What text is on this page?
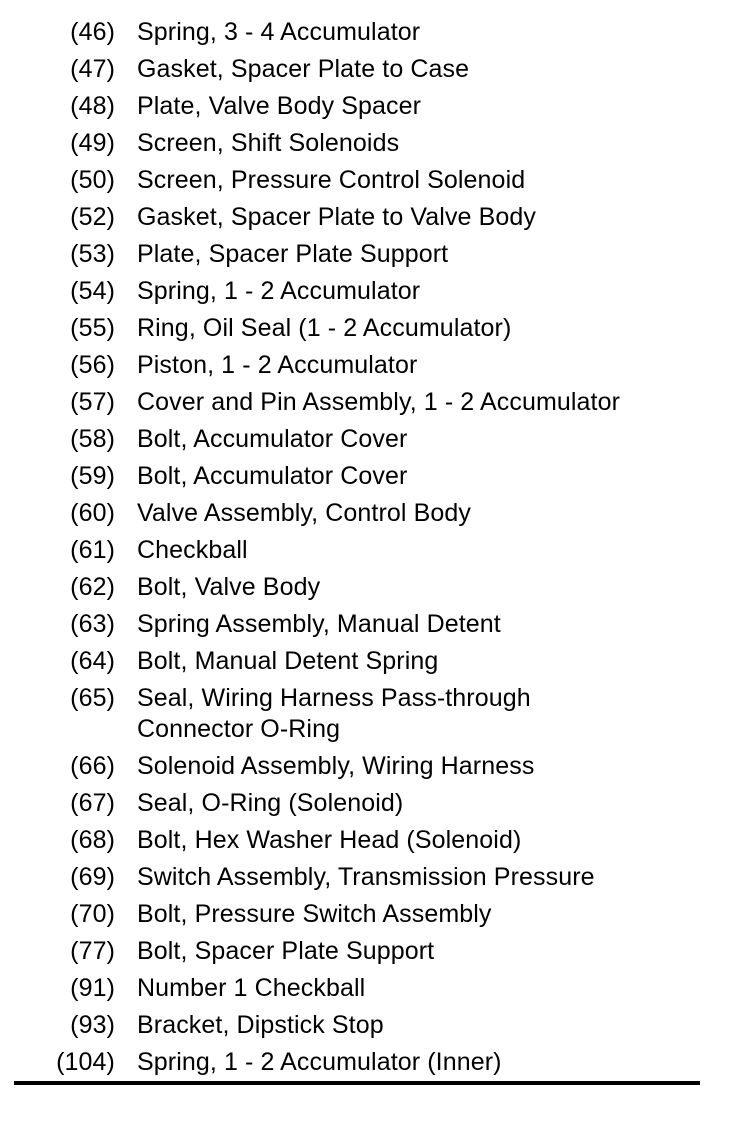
(46) Spring, 3 - 4 Accumulator
(47) Gasket, Spacer Plate to Case
(48) Plate, Valve Body Spacer
(49) Screen, Shift Solenoids
(50) Screen, Pressure Control Solenoid
(52) Gasket, Spacer Plate to Valve Body
(53) Plate, Spacer Plate Support
(54) Spring, 1 - 2 Accumulator
(55) Ring, Oil Seal (1 - 2 Accumulator)
(56) Piston, 1 - 2 Accumulator
(57) Cover and Pin Assembly, 1 - 2 Accumulator
(58) Bolt, Accumulator Cover
(59) Bolt, Accumulator Cover
(60) Valve Assembly, Control Body
(61) Checkball
(62) Bolt, Valve Body
(63) Spring Assembly, Manual Detent
(64) Bolt, Manual Detent Spring
(65) Seal, Wiring Harness Pass-through
Connector O-Ring
(66) Solenoid Assembly, Wiring Harness
(67) Seal, O-Ring (Solenoid)
(68) Bolt, Hex Washer Head (Solenoid)
(69) Switch Assembly, Transmission Pressure
(70) Bolt, Pressure Switch Assembly
(77) Bolt, Spacer Plate Support
(91) Number 1 Checkball
(93) Bracket, Dipstick Stop
(104) Spring, 1 - 2 Accumulator (Inner)
